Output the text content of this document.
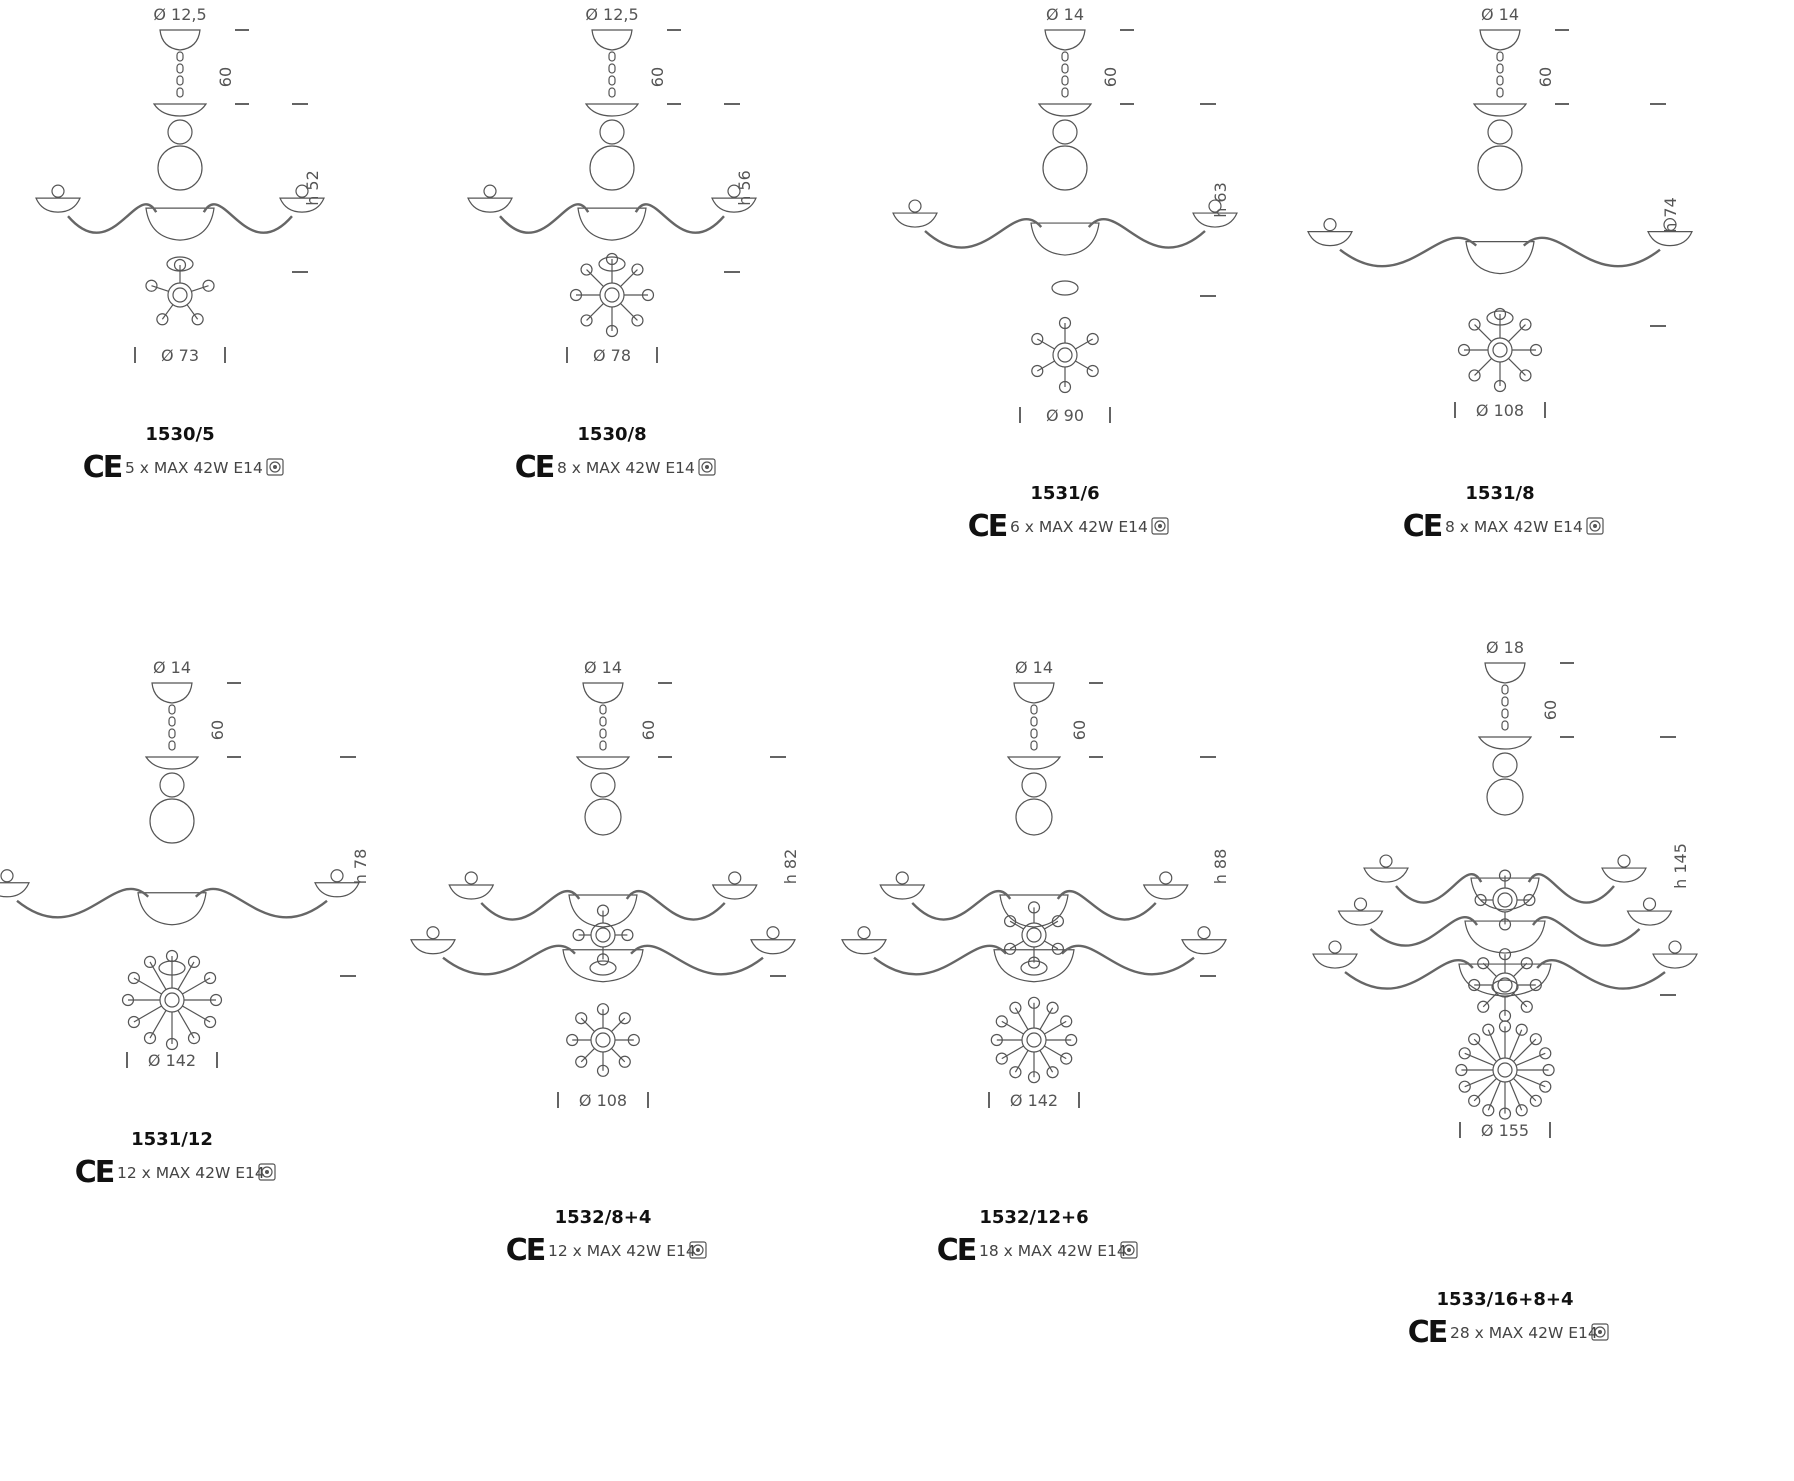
Ø 12,5
60
h 52
Ø 73
1530/5
CE 5 x MAX 42W E14
Ø 12,5
60
h 56
Ø 78
1530/8
CE 8 x MAX 42W E14
Ø 14
60
h 63
Ø 90
1531/6
CE 6 x MAX 42W E14
Ø 14
60
h 74
Ø 108
1531/8
CE 8 x MAX 42W E14
Ø 14
60
h 78
Ø 142
1531/12
CE 12 x MAX 42W E14
Ø 14
60
h 82
Ø 108
1532/8+4
CE 12 x MAX 42W E14
Ø 14
60
h 88
Ø 142
1532/12+6
CE 18 x MAX 42W E14
Ø 18
60
h 145
Ø 155
1533/16+8+4
CE 28 x MAX 42W E14
